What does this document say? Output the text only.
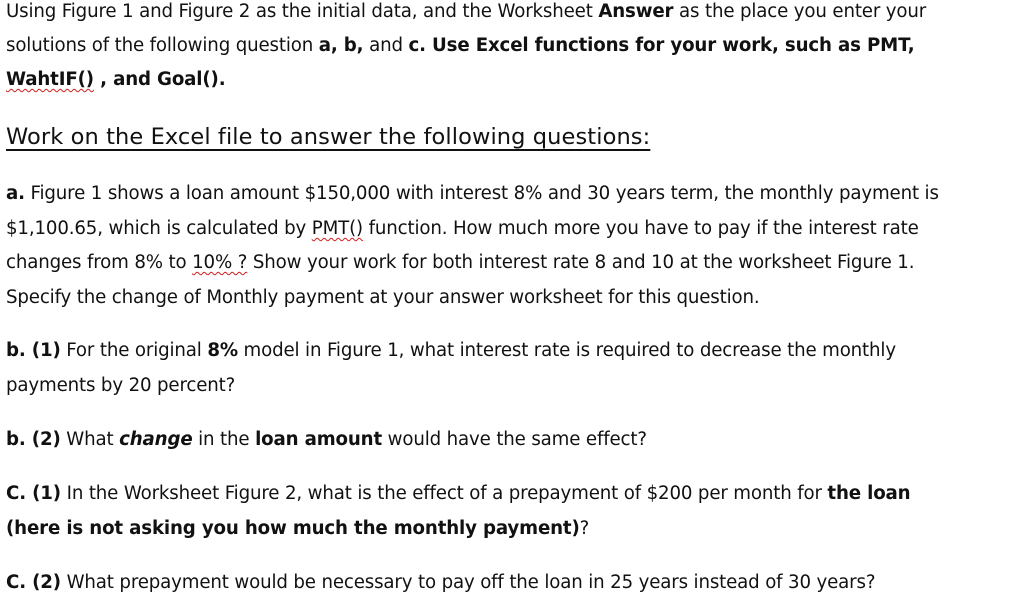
Using Figure 1 and Figure 2 as the initial data, and the Worksheet Answer as the place you enter your
solutions of the following question a, b, and c. Use Excel functions for your work, such as PMT,
WahtIF() , and Goal().
Work on the Excel file to answer the following questions:
a. Figure 1 shows a loan amount $150,000 with interest 8% and 30 years term, the monthly payment is
$1,100.65, which is calculated by PMT() function. How much more you have to pay if the interest rate
changes from 8% to 10% ? Show your work for both interest rate 8 and 10 at the worksheet Figure 1.
Specify the change of Monthly payment at your answer worksheet for this question.
b. (1) For the original 8% model in Figure 1, what interest rate is required to decrease the monthly
payments by 20 percent?
b. (2) What change in the loan amount would have the same effect?
C. (1) In the Worksheet Figure 2, what is the effect of a prepayment of $200 per month for the loan
(here is not asking you how much the monthly payment)?
C. (2) What prepayment would be necessary to pay off the loan in 25 years instead of 30 years?
